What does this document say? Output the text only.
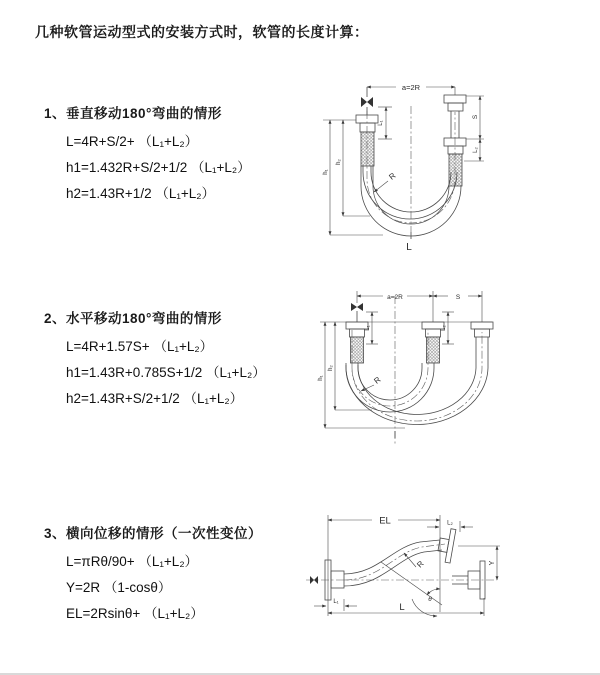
几种软管运动型式的安装方式时，软管的长度计算：
1、垂直移动180°弯曲的情形
L=4R+S/2+ （L₁+L₂）
h1=1.432R+S/2+1/2 （L₁+L₂）
h2=1.43R+1/2 （L₁+L₂）
2、水平移动180°弯曲的情形
L=4R+1.57S+ （L₁+L₂）
h1=1.43R+0.785S+1/2 （L₁+L₂）
h2=1.43R+S/2+1/2 （L₁+L₂）
3、横向位移的情形（一次性变位）
L=πRθ/90+ （L₁+L₂）
Y=2R （1-cosθ）
EL=2Rsinθ+ （L₁+L₂）
a=2R
L₁
S
L₂
h₁
h₂
R
L
a=2R	S
L₁	L₂
h₁
h₂
R
EL	L₂
Y
θ
R
L₁	L
